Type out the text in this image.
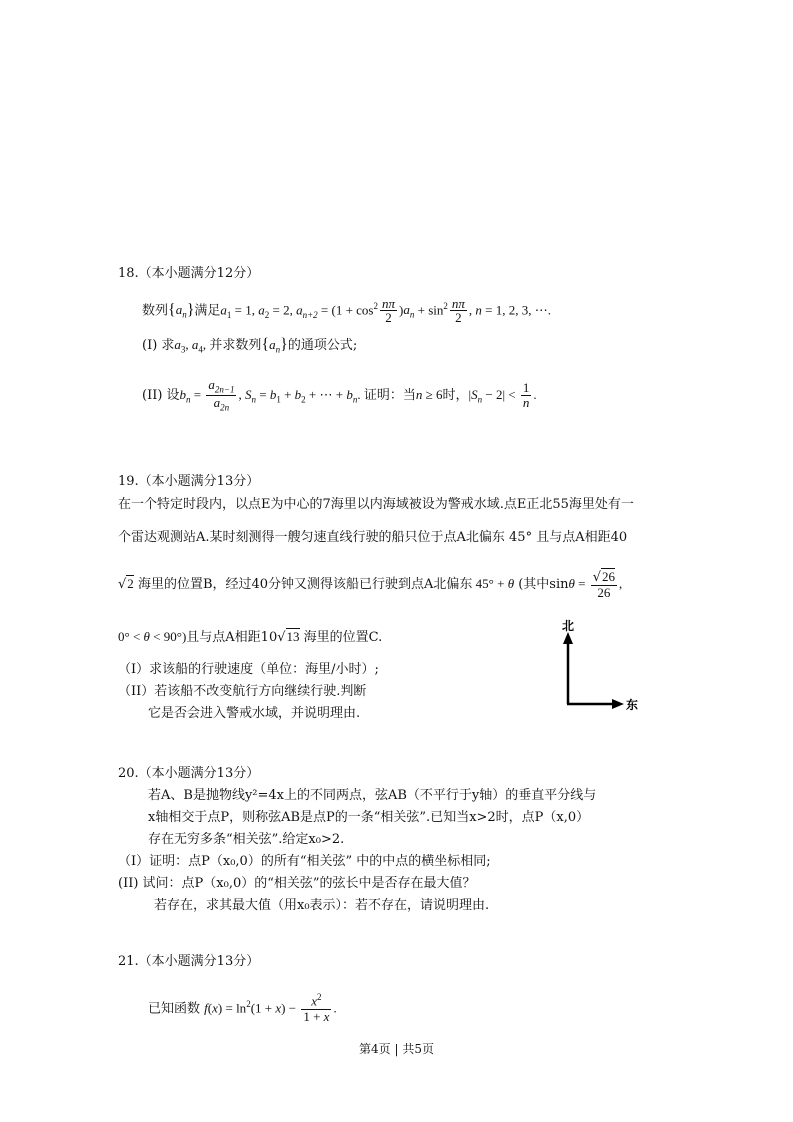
18.（本小题满分12分）
数列$\{a_n\}$满足$a_1 = 1$, $a_2 = 2$, $a_{n+2} = (1 + \cos^2 \frac{n\pi}{2} )a_n + \sin^2 \frac{n\pi}{2}$ , n = 1, 2, 3, ⋯.
(I) 求$a_3$, $a_4$, 并求数列$\{a_n\}$的通项公式;
(II) 设$b_n = \frac{a_{2n-1}}{a_{2n}}$ , $S_n = b_1 + b_2$ + ⋯ + $b_n$. 证明：当n ≥ 6时，$|S_n - 2| < \frac{1}{n}$ .
19.（本小题满分13分）
在一个特定时段内，以点E为中心的7海里以内海域被设为警戒水域.点E正北55海里处有一
个雷达观测站A.某时刻测得一艘匀速直线行驶的船只位于点A北偏东 45° 且与点A相距40
√2 海里的位置B，经过40分钟又测得该船已行驶到点A北偏东 45° + θ (其中$\sin\theta = \frac{√26}{26}$ ,
0° < θ < 90°)且与点A相距10√13 海里的位置C.
（I）求该船的行驶速度（单位：海里/小时）;
（II）若该船不改变航行方向继续行驶.判断
它是否会进入警戒水域，并说明理由.
北
东
20.（本小题满分13分）
若A、B是抛物线y²=4x上的不同两点，弦AB（不平行于y轴）的垂直平分线与
x轴相交于点P，则称弦AB是点P的一条“相关弦”.已知当x>2时，点P（x,0）
存在无穷多条“相关弦”.给定x₀>2.
（I）证明：点P（x₀,0）的所有“相关弦” 中的中点的横坐标相同;
(II) 试问：点P（x₀,0）的“相关弦”的弦长中是否存在最大值？
若存在，求其最大值（用x₀表示）：若不存在，请说明理由.
21.（本小题满分13分）
已知函数 $f(x) = \ln^2(1 + x) - \frac{x^2}{1 + x}$ .
第4页 | 共5页
